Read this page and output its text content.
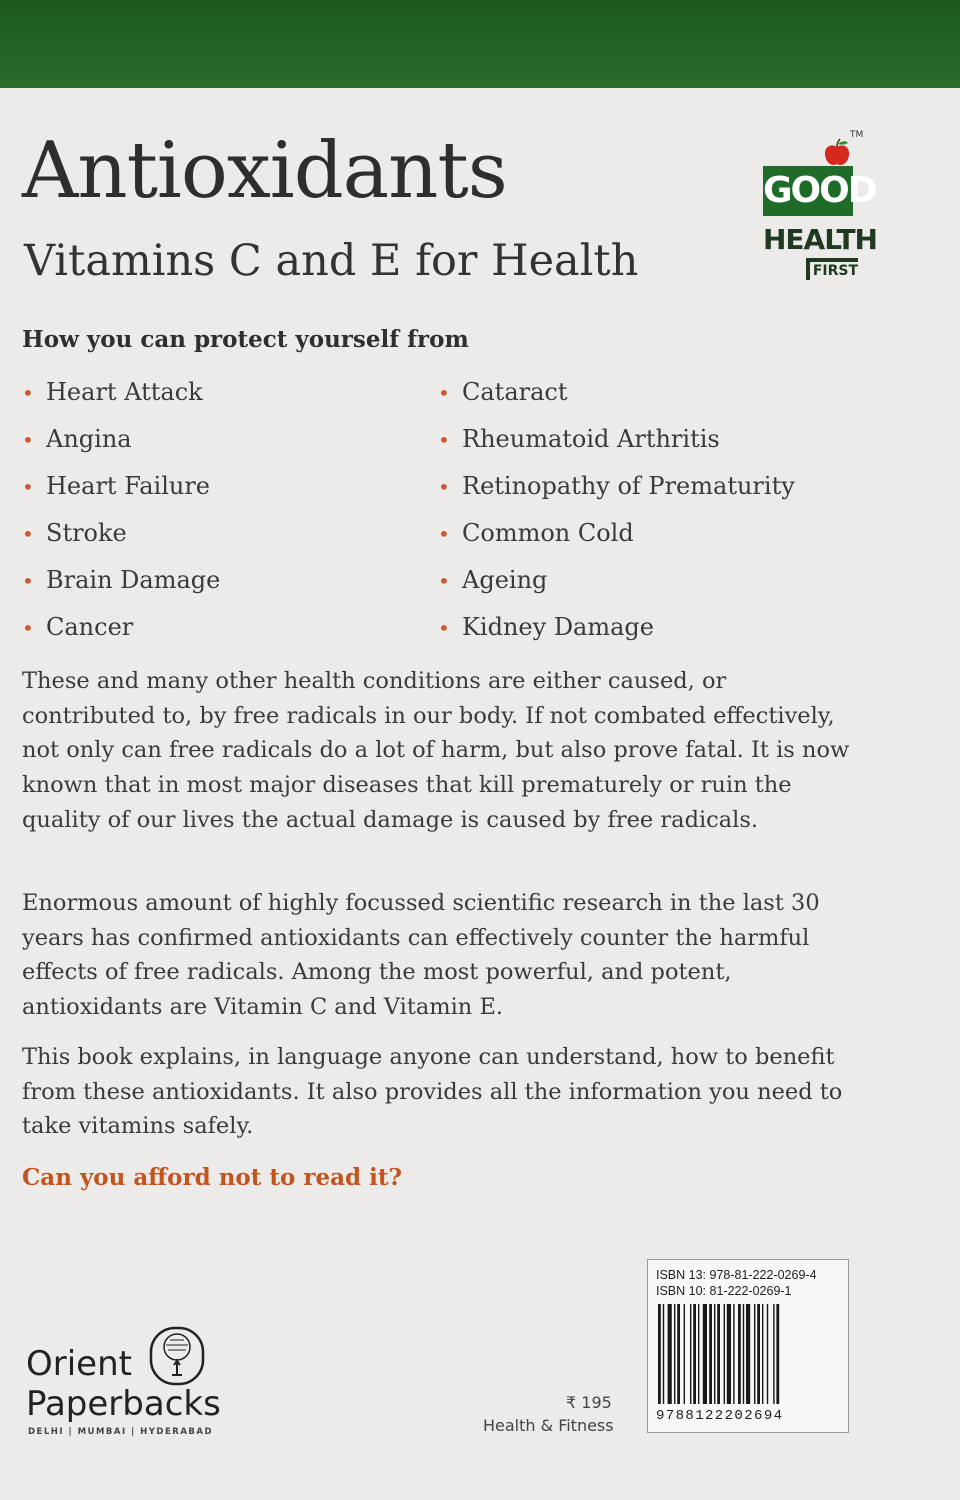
Antioxidants
Vitamins C and E for Health
TM
GOOD
HEALTH
FIRST
How you can protect yourself from
• Heart Attack
• Angina
• Heart Failure
• Stroke
• Brain Damage
• Cancer
• Cataract
• Rheumatoid Arthritis
• Retinopathy of Prematurity
• Common Cold
• Ageing
• Kidney Damage

These and many other health conditions are either caused, or contributed to, by free radicals in our body. If not combated effectively, not only can free radicals do a lot of harm, but also prove fatal. It is now known that in most major diseases that kill prematurely or ruin the quality of our lives the actual damage is caused by free radicals.

Enormous amount of highly focussed scientific research in the last 30 years has confirmed antioxidants can effectively counter the harmful effects of free radicals. Among the most powerful, and potent, antioxidants are Vitamin C and Vitamin E.

This book explains, in language anyone can understand, how to benefit from these antioxidants. It also provides all the information you need to take vitamins safely.

Can you afford not to read it?
Orient
Paperbacks
DELHI | MUMBAI | HYDERABAD
₹ 195
Health & Fitness
ISBN 13: 978-81-222-0269-4
ISBN 10: 81-222-0269-1
9788122202694
